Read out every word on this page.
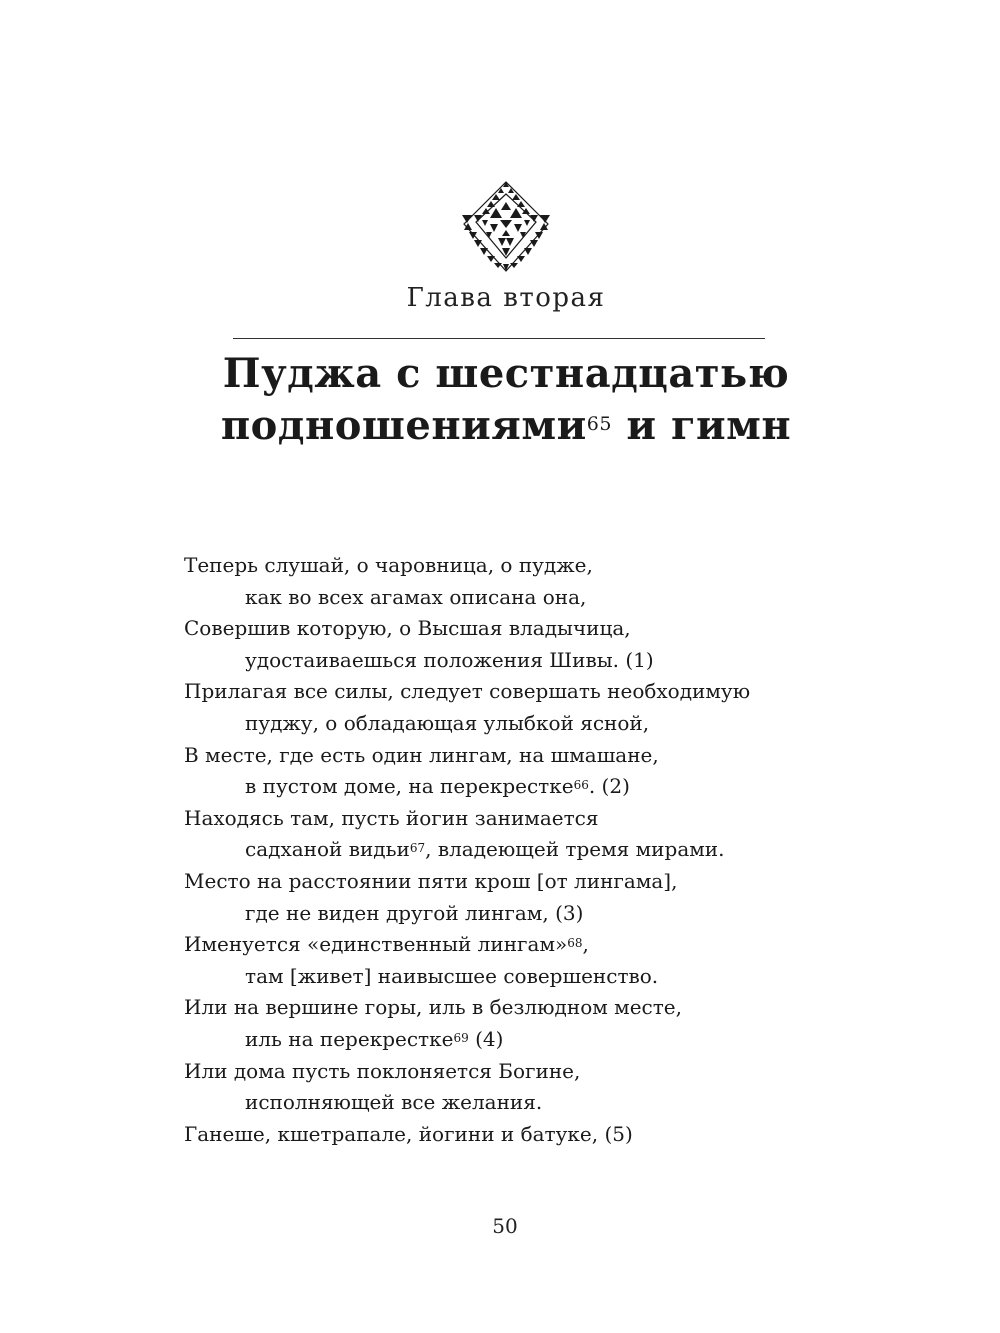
Глава вторая
Пуджа с шестнадцатью
подношениями$^{65}$ и гимн
Теперь слушай, о чаровница, о пудже,
как во всех агамах описана она,
Совершив которую, о Высшая владычица,
удостаиваешься положения Шивы. (1)
Прилагая все силы, следует совершать необходимую
пуджу, о обладающая улыбкой ясной,
В месте, где есть один лингам, на шмашане,
в пустом доме, на перекрестке$^{66}$. (2)
Находясь там, пусть йогин занимается
садханой видьи$^{67}$, владеющей тремя мирами.
Место на расстоянии пяти крош [от лингама],
где не виден другой лингам, (3)
Именуется «единственный лингам»$^{68}$,
там [живет] наивысшее совершенство.
Или на вершине горы, иль в безлюдном месте,
иль на перекрестке$^{69}$ (4)
Или дома пусть поклоняется Богине,
исполняющей все желания.
Ганеше, кшетрапале, йогини и батуке, (5)
50
